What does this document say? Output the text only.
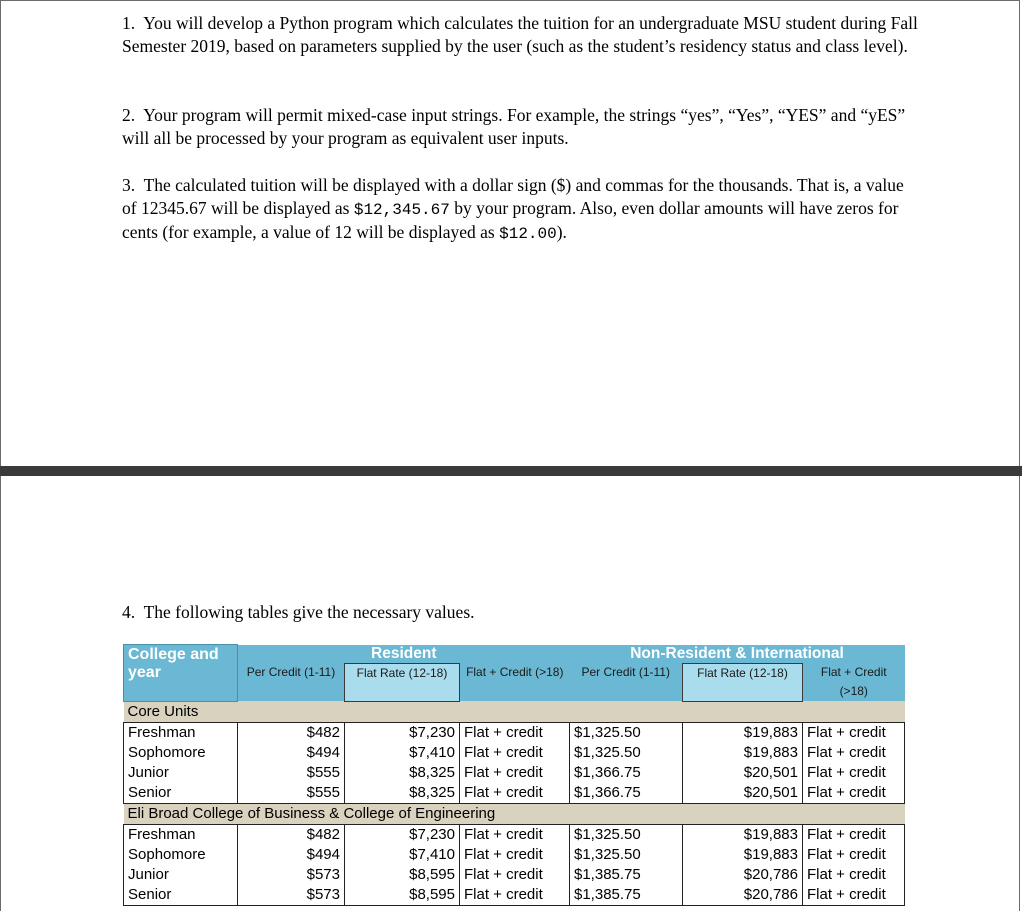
1. You will develop a Python program which calculates the tuition for an undergraduate MSU student during Fall Semester 2019, based on parameters supplied by the user (such as the student’s residency status and class level).
2. Your program will permit mixed-case input strings. For example, the strings “yes”, “Yes”, “YES” and “yES” will all be processed by your program as equivalent user inputs.
3. The calculated tuition will be displayed with a dollar sign ($) and commas for the thousands. That is, a value of 12345.67 will be displayed as $12,345.67 by your program. Also, even dollar amounts will have zeros for cents (for example, a value of 12 will be displayed as $12.00).
4. The following tables give the necessary values.
College and year	Resident			Non-Resident & International		
	Per Credit (1-11)	Flat Rate (12-18)	Flat + Credit (>18)	Per Credit (1-11)	Flat Rate (12-18)	Flat + Credit (>18)
Core Units						
Freshman	$482	$7,230	Flat + credit	$1,325.50	$19,883	Flat + credit
Sophomore	$494	$7,410	Flat + credit	$1,325.50	$19,883	Flat + credit
Junior	$555	$8,325	Flat + credit	$1,366.75	$20,501	Flat + credit
Senior	$555	$8,325	Flat + credit	$1,366.75	$20,501	Flat + credit
Eli Broad College of Business & College of Engineering						
Freshman	$482	$7,230	Flat + credit	$1,325.50	$19,883	Flat + credit
Sophomore	$494	$7,410	Flat + credit	$1,325.50	$19,883	Flat + credit
Junior	$573	$8,595	Flat + credit	$1,385.75	$20,786	Flat + credit
Senior	$573	$8,595	Flat + credit	$1,385.75	$20,786	Flat + credit
